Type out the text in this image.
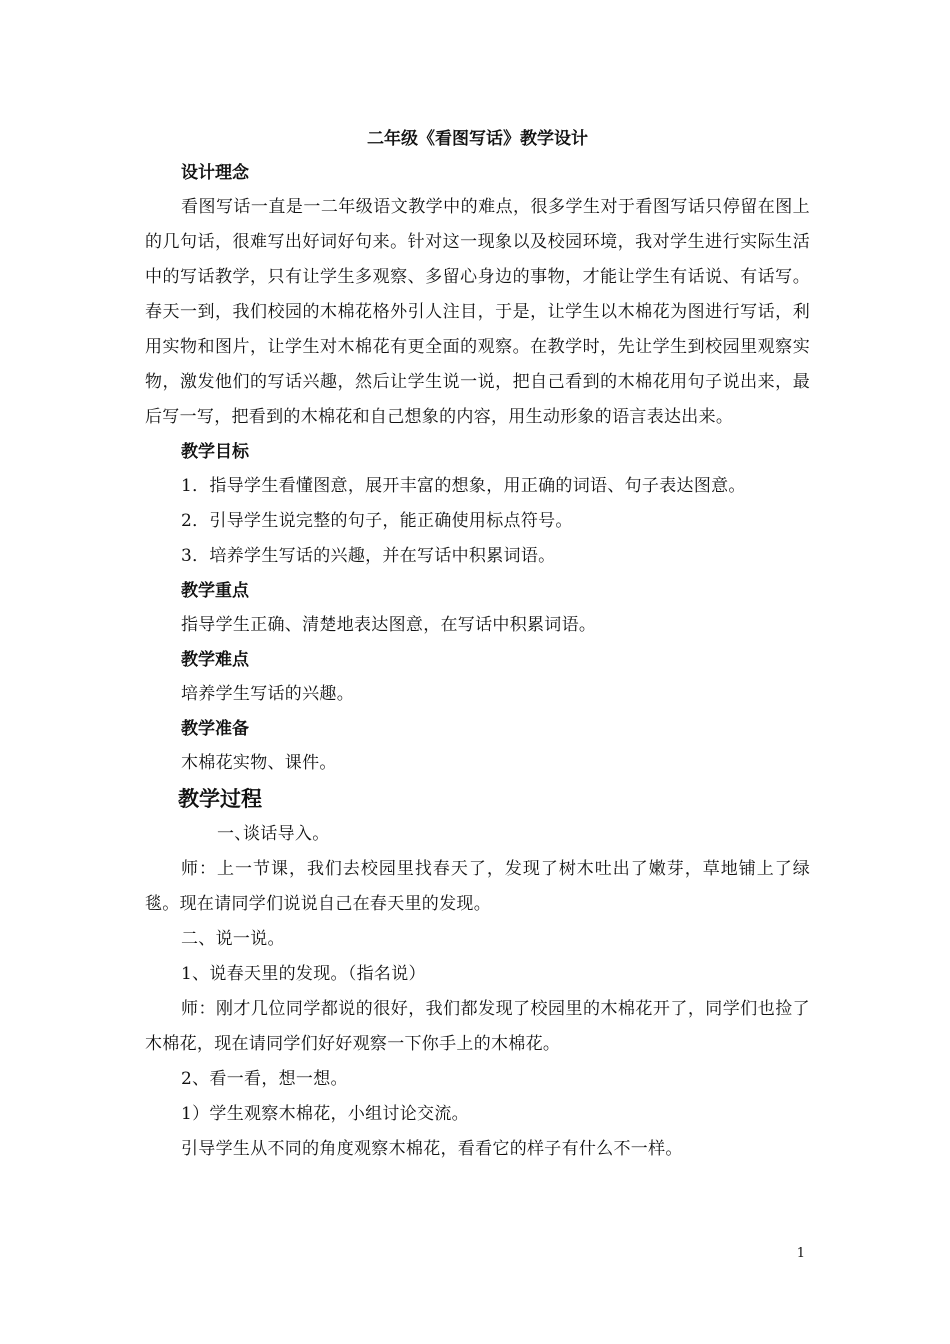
二年级《看图写话》教学设计

设计理念

看图写话一直是一二年级语文教学中的难点，很多学生对于看图写话只停留在图上的几句话，很难写出好词好句来。针对这一现象以及校园环境，我对学生进行实际生活中的写话教学，只有让学生多观察、多留心身边的事物，才能让学生有话说、有话写。春天一到，我们校园的木棉花格外引人注目，于是，让学生以木棉花为图进行写话，利用实物和图片，让学生对木棉花有更全面的观察。在教学时，先让学生到校园里观察实物，激发他们的写话兴趣，然后让学生说一说，把自己看到的木棉花用句子说出来，最后写一写，把看到的木棉花和自己想象的内容，用生动形象的语言表达出来。

教学目标

1．指导学生看懂图意，展开丰富的想象，用正确的词语、句子表达图意。

2．引导学生说完整的句子，能正确使用标点符号。

3．培养学生写话的兴趣，并在写话中积累词语。

教学重点

指导学生正确、清楚地表达图意，在写话中积累词语。

教学难点

培养学生写话的兴趣。

教学准备

木棉花实物、课件。

教学过程

一、谈话导入。

师：上一节课，我们去校园里找春天了，发现了树木吐出了嫩芽，草地铺上了绿毯。现在请同学们说说自己在春天里的发现。

二、说一说。

1、说春天里的发现。（指名说）

师：刚才几位同学都说的很好，我们都发现了校园里的木棉花开了，同学们也捡了木棉花，现在请同学们好好观察一下你手上的木棉花。

2、看一看，想一想。

1）学生观察木棉花，小组讨论交流。

引导学生从不同的角度观察木棉花，看看它的样子有什么不一样。

1
